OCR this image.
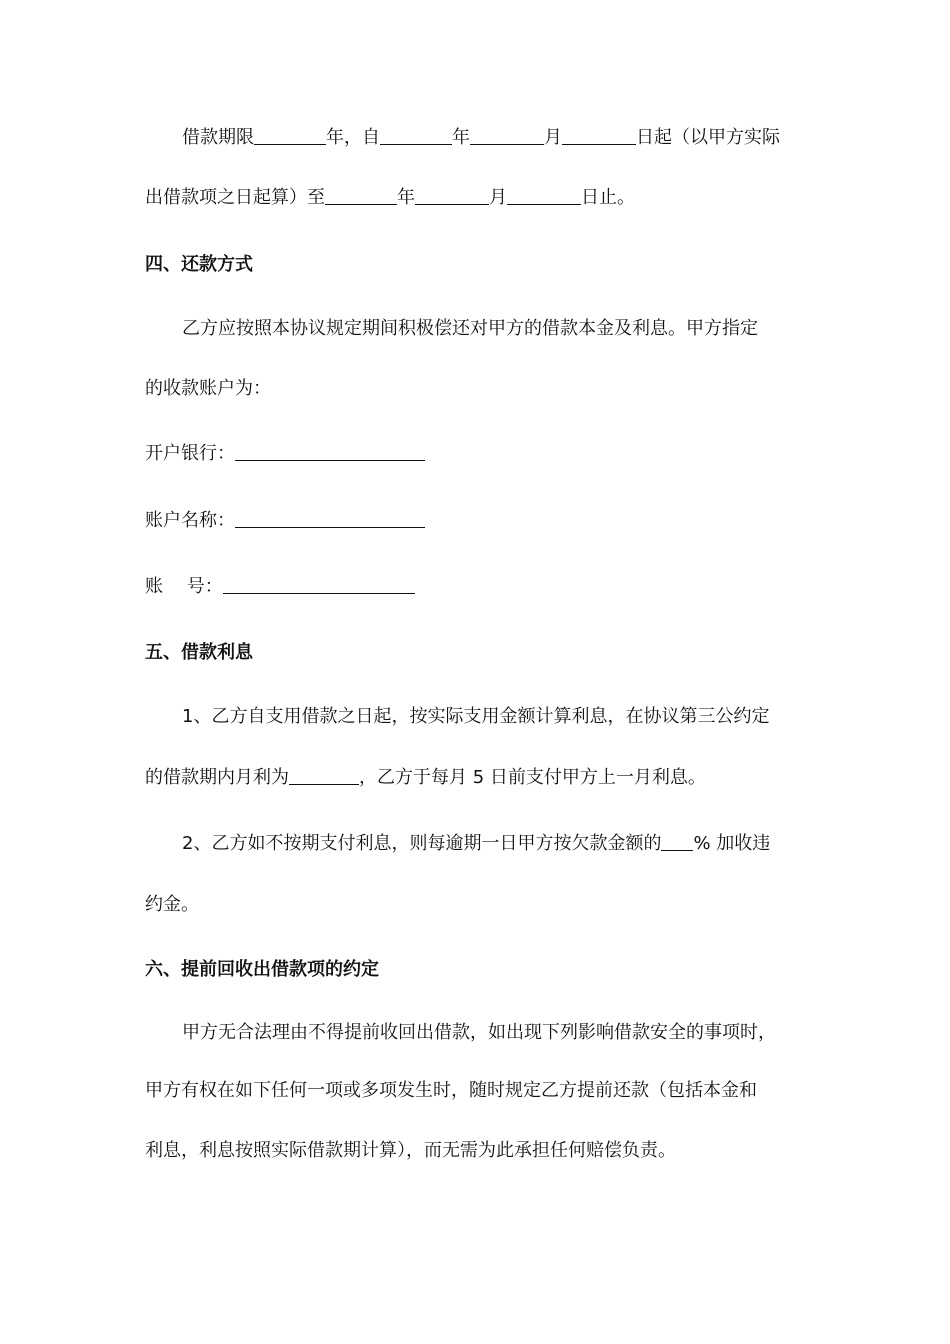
借款期限	年，自	年	月	日起（以甲方实际
出借款项之日起算）至	年	月	日止。
四、还款方式
乙方应按照本协议规定期间积极偿还对甲方的借款本金及利息。甲方指定
的收款账户为：
开户银行：
账户名称：
账　 号：
五、借款利息
1、乙方自支用借款之日起，按实际支用金额计算利息，在协议第三公约定
的借款期内月利为	，乙方于每月 5 日前支付甲方上一月利息。
2、乙方如不按期支付利息，则每逾期一日甲方按欠款金额的 % 加收违
约金。
六、提前回收出借款项的约定
甲方无合法理由不得提前收回出借款，如出现下列影响借款安全的事项时，
甲方有权在如下任何一项或多项发生时，随时规定乙方提前还款（包括本金和
利息，利息按照实际借款期计算），而无需为此承担任何赔偿负责。
